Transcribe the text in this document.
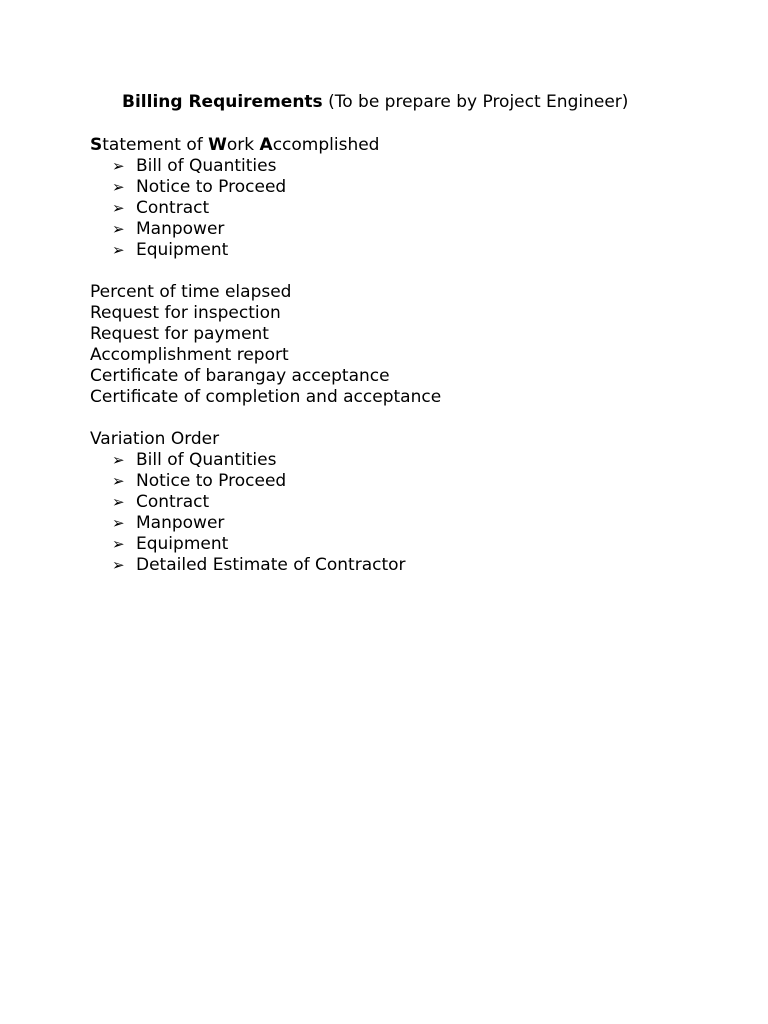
Billing Requirements (To be prepare by Project Engineer)
Statement of Work Accomplished
➢ Bill of Quantities
➢ Notice to Proceed
➢ Contract
➢ Manpower
➢ Equipment
Percent of time elapsed
Request for inspection
Request for payment
Accomplishment report
Certificate of barangay acceptance
Certificate of completion and acceptance
Variation Order
➢ Bill of Quantities
➢ Notice to Proceed
➢ Contract
➢ Manpower
➢ Equipment
➢ Detailed Estimate of Contractor
